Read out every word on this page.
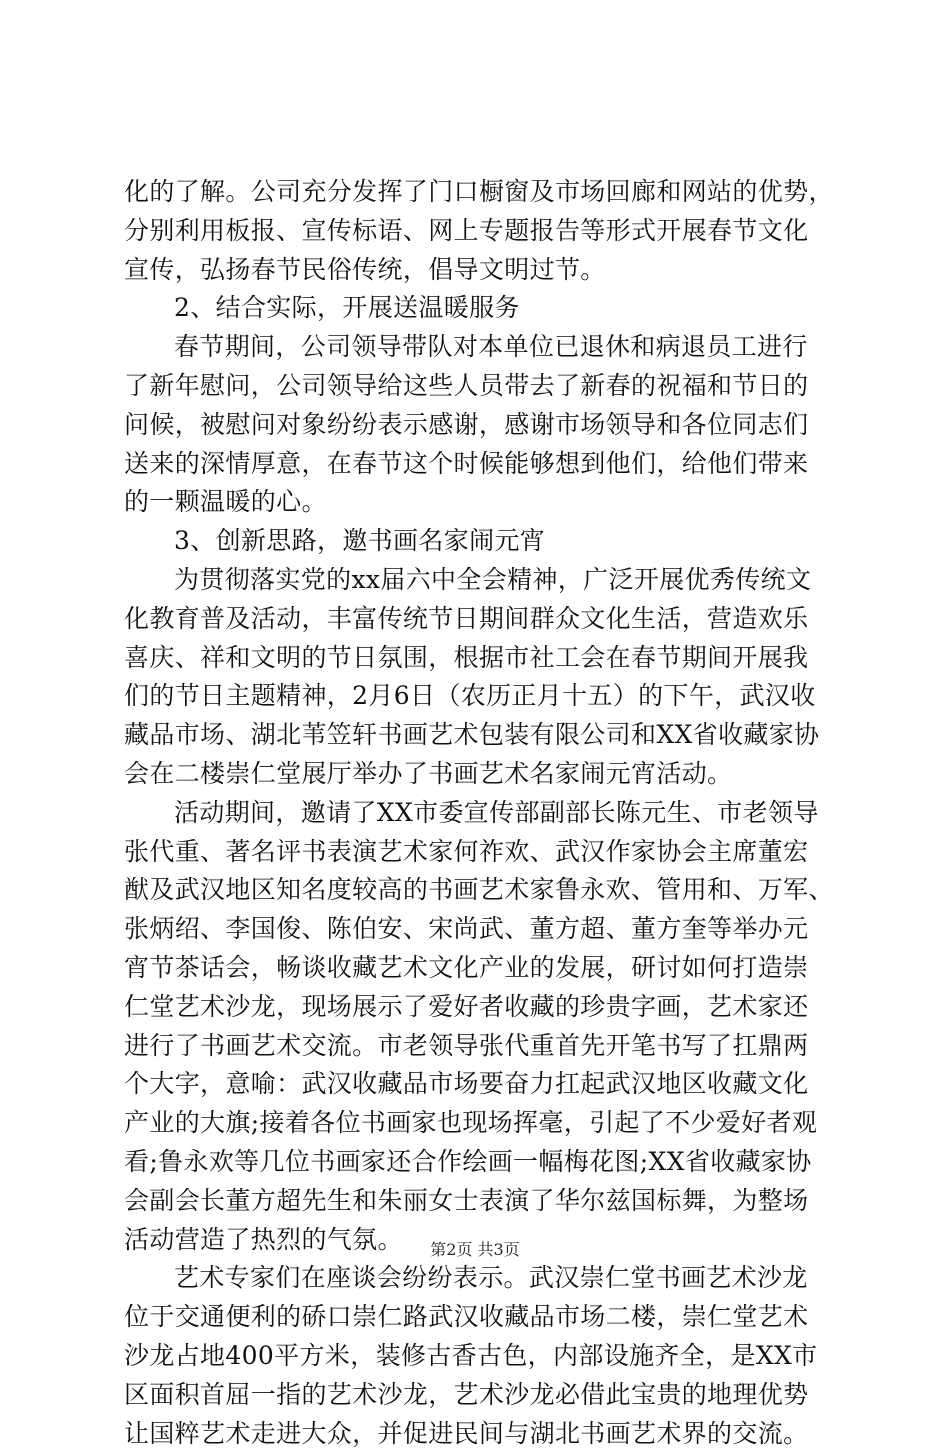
化的了解。公司充分发挥了门口橱窗及市场回廊和网站的优势，
分别利用板报、宣传标语、网上专题报告等形式开展春节文化
宣传，弘扬春节民俗传统，倡导文明过节。
2、结合实际，开展送温暖服务
春节期间，公司领导带队对本单位已退休和病退员工进行
了新年慰问，公司领导给这些人员带去了新春的祝福和节日的
问候，被慰问对象纷纷表示感谢，感谢市场领导和各位同志们
送来的深情厚意，在春节这个时候能够想到他们，给他们带来
的一颗温暖的心。
3、创新思路，邀书画名家闹元宵
为贯彻落实党的xx届六中全会精神，广泛开展优秀传统文
化教育普及活动，丰富传统节日期间群众文化生活，营造欢乐
喜庆、祥和文明的节日氛围，根据市社工会在春节期间开展我
们的节日主题精神，2月6日（农历正月十五）的下午，武汉收
藏品市场、湖北苇笠轩书画艺术包装有限公司和XX省收藏家协
会在二楼崇仁堂展厅举办了书画艺术名家闹元宵活动。
活动期间，邀请了XX市委宣传部副部长陈元生、市老领导
张代重、著名评书表演艺术家何祚欢、武汉作家协会主席董宏
猷及武汉地区知名度较高的书画艺术家鲁永欢、管用和、万军、
张炳绍、李国俊、陈伯安、宋尚武、董方超、董方奎等举办元
宵节茶话会，畅谈收藏艺术文化产业的发展，研讨如何打造崇
仁堂艺术沙龙，现场展示了爱好者收藏的珍贵字画，艺术家还
进行了书画艺术交流。市老领导张代重首先开笔书写了扛鼎两
个大字，意喻：武汉收藏品市场要奋力扛起武汉地区收藏文化
产业的大旗;接着各位书画家也现场挥毫，引起了不少爱好者观
看;鲁永欢等几位书画家还合作绘画一幅梅花图;XX省收藏家协
会副会长董方超先生和朱丽女士表演了华尔兹国标舞，为整场
活动营造了热烈的气氛。
艺术专家们在座谈会纷纷表示。武汉崇仁堂书画艺术沙龙
位于交通便利的硚口崇仁路武汉收藏品市场二楼，崇仁堂艺术
沙龙占地400平方米，装修古香古色，内部设施齐全，是XX市
区面积首屈一指的艺术沙龙，艺术沙龙必借此宝贵的地理优势
让国粹艺术走进大众，并促进民间与湖北书画艺术界的交流。
第2页 共3页
